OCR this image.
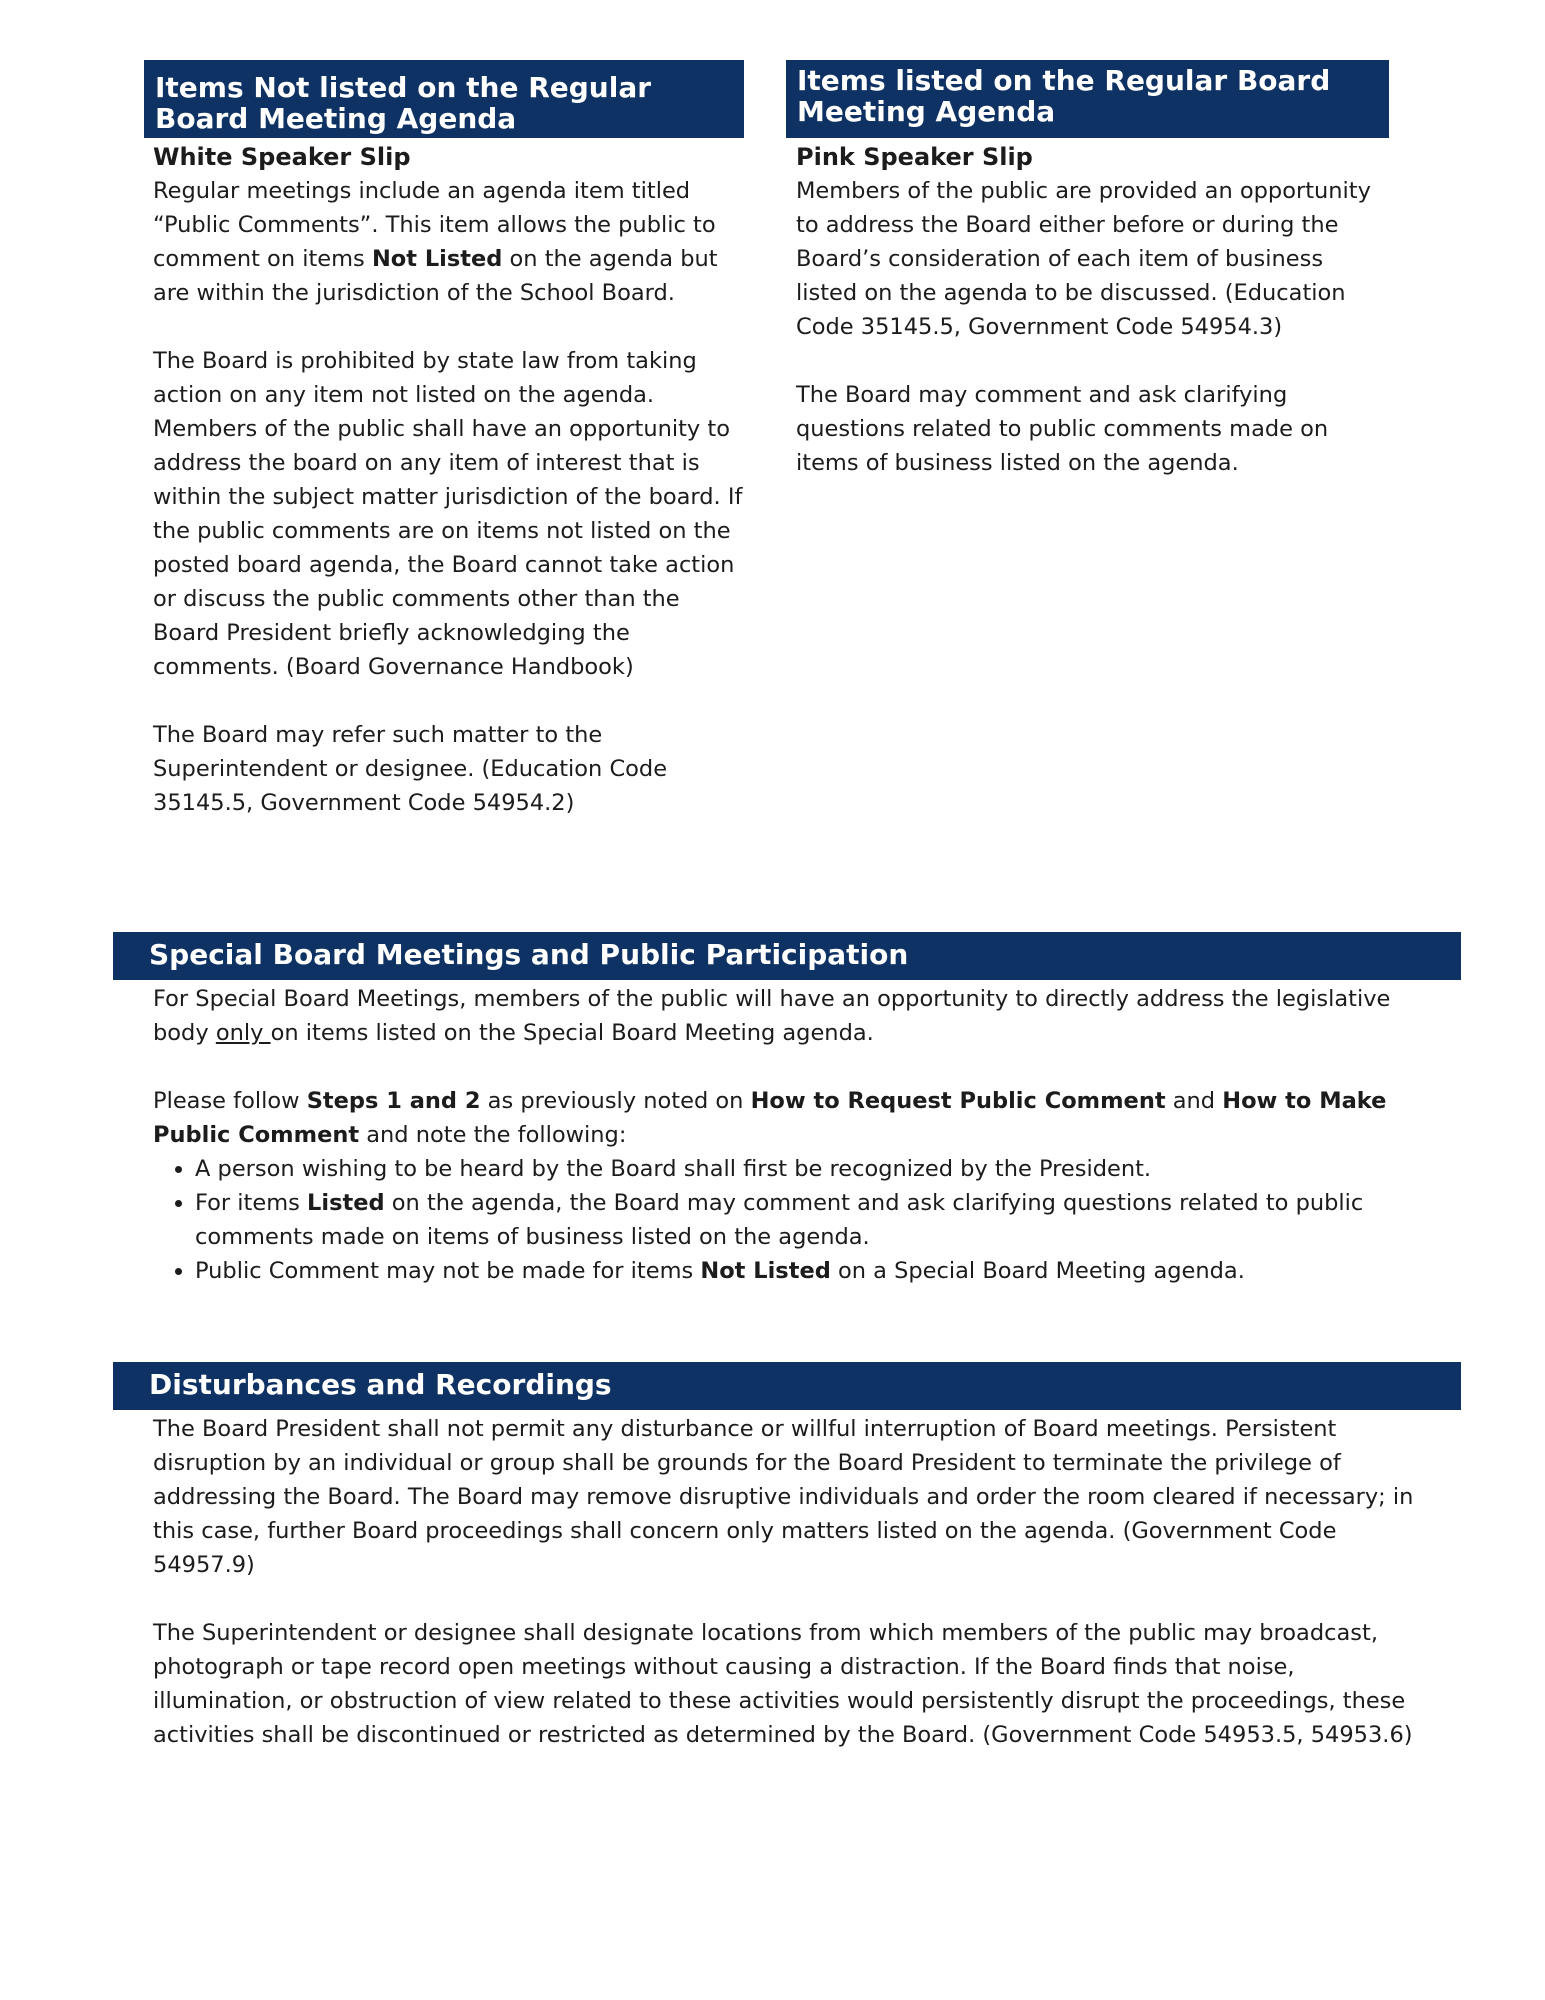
Items Not listed on the Regular Board Meeting Agenda
White Speaker Slip

Regular meetings include an agenda item titled “Public Comments”. This item allows the public to comment on items Not Listed on the agenda but are within the jurisdiction of the School Board.

The Board is prohibited by state law from taking action on any item not listed on the agenda. Members of the public shall have an opportunity to address the board on any item of interest that is within the subject matter jurisdiction of the board. If the public comments are on items not listed on the posted board agenda, the Board cannot take action or discuss the public comments other than the Board President briefly acknowledging the comments. (Board Governance Handbook)

The Board may refer such matter to the Superintendent or designee. (Education Code 35145.5, Government Code 54954.2)

Items listed on the Regular Board Meeting Agenda
Pink Speaker Slip

Members of the public are provided an opportunity to address the Board either before or during the Board’s consideration of each item of business listed on the agenda to be discussed. (Education Code 35145.5, Government Code 54954.3)

The Board may comment and ask clarifying questions related to public comments made on items of business listed on the agenda.

Special Board Meetings and Public Participation

For Special Board Meetings, members of the public will have an opportunity to directly address the legislative body only on items listed on the Special Board Meeting agenda.

Please follow Steps 1 and 2 as previously noted on How to Request Public Comment and How to Make Public Comment and note the following:

• A person wishing to be heard by the Board shall first be recognized by the President.
• For items Listed on the agenda, the Board may comment and ask clarifying questions related to public comments made on items of business listed on the agenda.
• Public Comment may not be made for items Not Listed on a Special Board Meeting agenda.
Disturbances and Recordings

The Board President shall not permit any disturbance or willful interruption of Board meetings. Persistent disruption by an individual or group shall be grounds for the Board President to terminate the privilege of addressing the Board. The Board may remove disruptive individuals and order the room cleared if necessary; in this case, further Board proceedings shall concern only matters listed on the agenda. (Government Code 54957.9)

The Superintendent or designee shall designate locations from which members of the public may broadcast, photograph or tape record open meetings without causing a distraction. If the Board finds that noise, illumination, or obstruction of view related to these activities would persistently disrupt the proceedings, these activities shall be discontinued or restricted as determined by the Board. (Government Code 54953.5, 54953.6)
